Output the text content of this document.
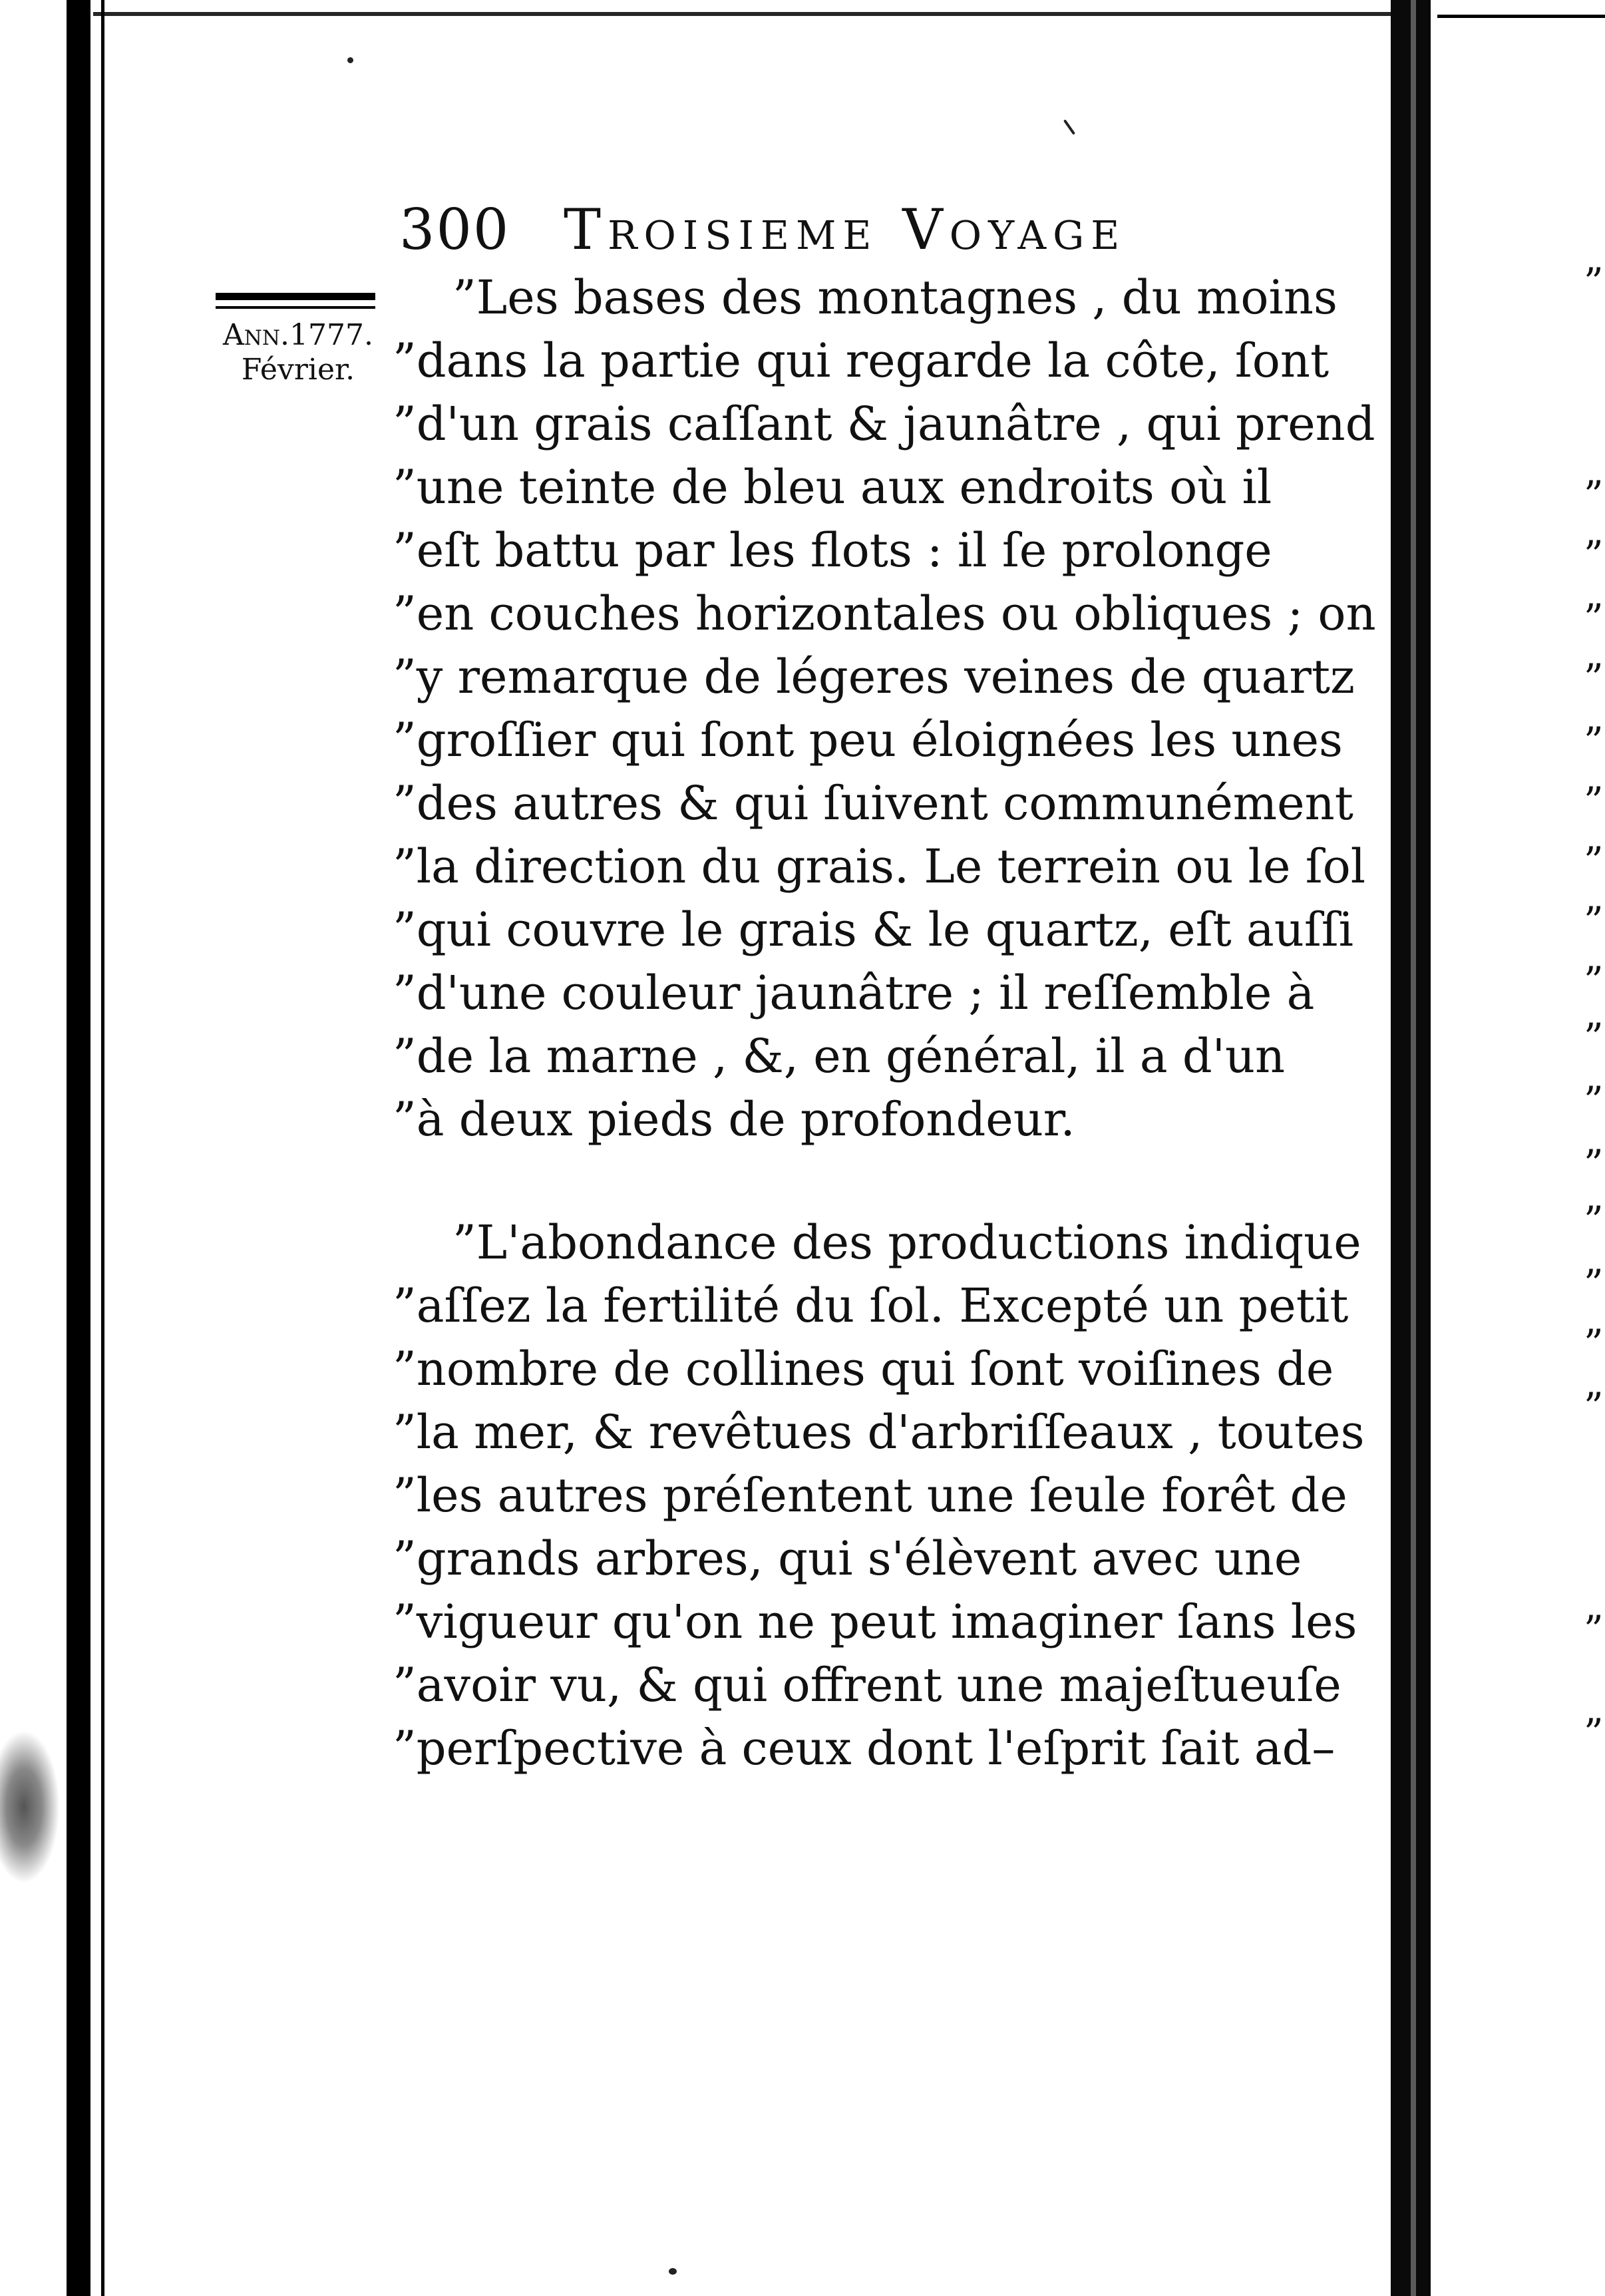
300 Troisieme Voyage
Ann.1777.
Février.
”Les bases des montagnes , du moins
”dans la partie qui regarde la côte, ſont
”d'un grais caſſant & jaunâtre , qui prend
”une teinte de bleu aux endroits où il
”eſt battu par les flots : il ſe prolonge
”en couches horizontales ou obliques ; on
”y remarque de légeres veines de quartz
”groſſier qui ſont peu éloignées les unes
”des autres & qui ſuivent communément
”la direction du grais. Le terrein ou le ſol
”qui couvre le grais & le quartz, eſt auſſi
”d'une couleur jaunâtre ; il reſſemble à
”de la marne , &, en général, il a d'un
”à deux pieds de profondeur.
”L'abondance des productions indique
”aſſez la fertilité du ſol. Excepté un petit
”nombre de collines qui ſont voiſines de
”la mer, & revêtues d'arbriſſeaux , toutes
”les autres préſentent une ſeule forêt de
”grands arbres, qui s'élèvent avec une
”vigueur qu'on ne peut imaginer ſans les
”avoir vu, & qui offrent une majeſtueuſe
”perſpective à ceux dont l'eſprit ſait ad–
”
”
”
”
”
”
”
”
”
”
”
”
”
”
”
”
”
”
”
